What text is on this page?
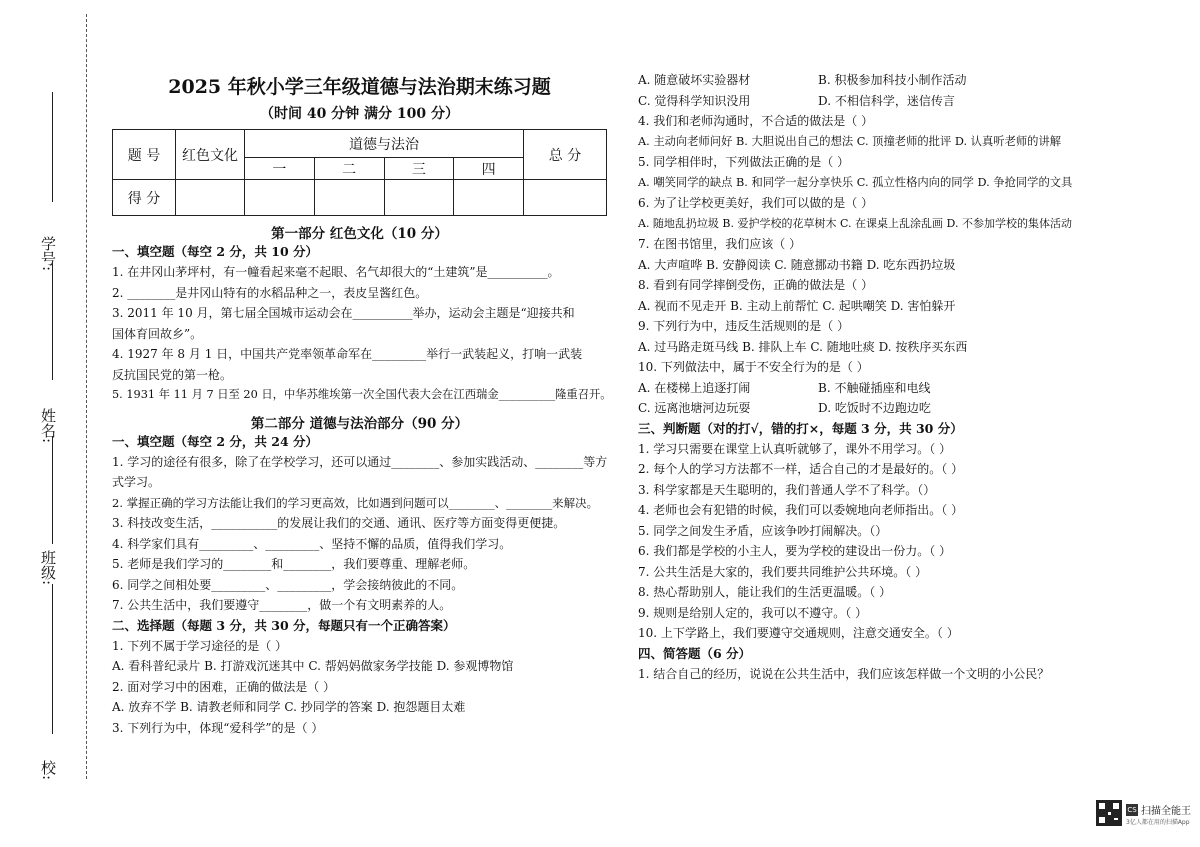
学号:
姓名:
班级:
校:
2025 年秋小学三年级道德与法治期末练习题
（时间 40 分钟 满分 100 分）
题 号	红色文化	道德与法治				总 分
		一	二	三	四	
得 分						
第一部分 红色文化（10 分）
一、填空题（每空 2 分，共 10 分）
1. 在井冈山茅坪村，有一幢看起来毫不起眼、名气却很大的“土建筑”是__________。
2. ________是井冈山特有的水稻品种之一，表皮呈酱红色。
3. 2011 年 10 月，第七届全国城市运动会在__________举办，运动会主题是“迎接共和
国体育回故乡”。
4. 1927 年 8 月 1 日，中国共产党率领革命军在_________举行一武装起义，打响一武装
反抗国民党的第一枪。
5. 1931 年 11 月 7 日至 20 日，中华苏维埃第一次全国代表大会在江西瑞金__________隆重召开。
第二部分 道德与法治部分（90 分）
一、填空题（每空 2 分，共 24 分）
1. 学习的途径有很多，除了在学校学习，还可以通过________、参加实践活动、________等方
式学习。
2. 掌握正确的学习方法能让我们的学习更高效，比如遇到问题可以________、________来解决。
3. 科技改变生活，___________的发展让我们的交通、通讯、医疗等方面变得更便捷。
4. 科学家们具有_________、_________、坚持不懈的品质，值得我们学习。
5. 老师是我们学习的________和________，我们要尊重、理解老师。
6. 同学之间相处要_________、_________，学会接纳彼此的不同。
7. 公共生活中，我们要遵守________，做一个有文明素养的人。
二、选择题（每题 3 分，共 30 分，每题只有一个正确答案）
1. 下列不属于学习途径的是（ ）
A. 看科普纪录片 B. 打游戏沉迷其中 C. 帮妈妈做家务学技能 D. 参观博物馆
2. 面对学习中的困难，正确的做法是（ ）
A. 放弃不学 B. 请教老师和同学 C. 抄同学的答案 D. 抱怨题目太难
3. 下列行为中，体现“爱科学”的是（ ）
A. 随意破坏实验器材	B. 积极参加科技小制作活动
C. 觉得科学知识没用	D. 不相信科学，迷信传言
4. 我们和老师沟通时，不合适的做法是（ ）
A. 主动向老师问好 B. 大胆说出自己的想法 C. 顶撞老师的批评 D. 认真听老师的讲解
5. 同学相伴时，下列做法正确的是（ ）
A. 嘲笑同学的缺点 B. 和同学一起分享快乐 C. 孤立性格内向的同学 D. 争抢同学的文具
6. 为了让学校更美好，我们可以做的是（ ）
A. 随地乱扔垃圾 B. 爱护学校的花草树木 C. 在课桌上乱涂乱画 D. 不参加学校的集体活动
7. 在图书馆里，我们应该（ ）
A. 大声喧哗 B. 安静阅读 C. 随意挪动书籍 D. 吃东西扔垃圾
8. 看到有同学摔倒受伤，正确的做法是（ ）
A. 视而不见走开 B. 主动上前帮忙 C. 起哄嘲笑 D. 害怕躲开
9. 下列行为中，违反生活规则的是（ ）
A. 过马路走斑马线 B. 排队上车 C. 随地吐痰 D. 按秩序买东西
10. 下列做法中，属于不安全行为的是（ ）
A. 在楼梯上追逐打闹	B. 不触碰插座和电线
C. 远离池塘河边玩耍	D. 吃饭时不边跑边吃
三、判断题（对的打√，错的打×，每题 3 分，共 30 分）
1. 学习只需要在课堂上认真听就够了，课外不用学习。（ ）
2. 每个人的学习方法都不一样，适合自己的才是最好的。（ ）
3. 科学家都是天生聪明的，我们普通人学不了科学。（）
4. 老师也会有犯错的时候，我们可以委婉地向老师指出。（ ）
5. 同学之间发生矛盾，应该争吵打闹解决。（）
6. 我们都是学校的小主人，要为学校的建设出一份力。（ ）
7. 公共生活是大家的，我们要共同维护公共环境。（ ）
8. 热心帮助别人，能让我们的生活更温暖。（ ）
9. 规则是给别人定的，我可以不遵守。（ ）
10. 上下学路上，我们要遵守交通规则，注意交通安全。（ ）
四、简答题（6 分）
1. 结合自己的经历，说说在公共生活中，我们应该怎样做一个文明的小公民？
CS 扫描全能王
3亿人都在用的扫描App
